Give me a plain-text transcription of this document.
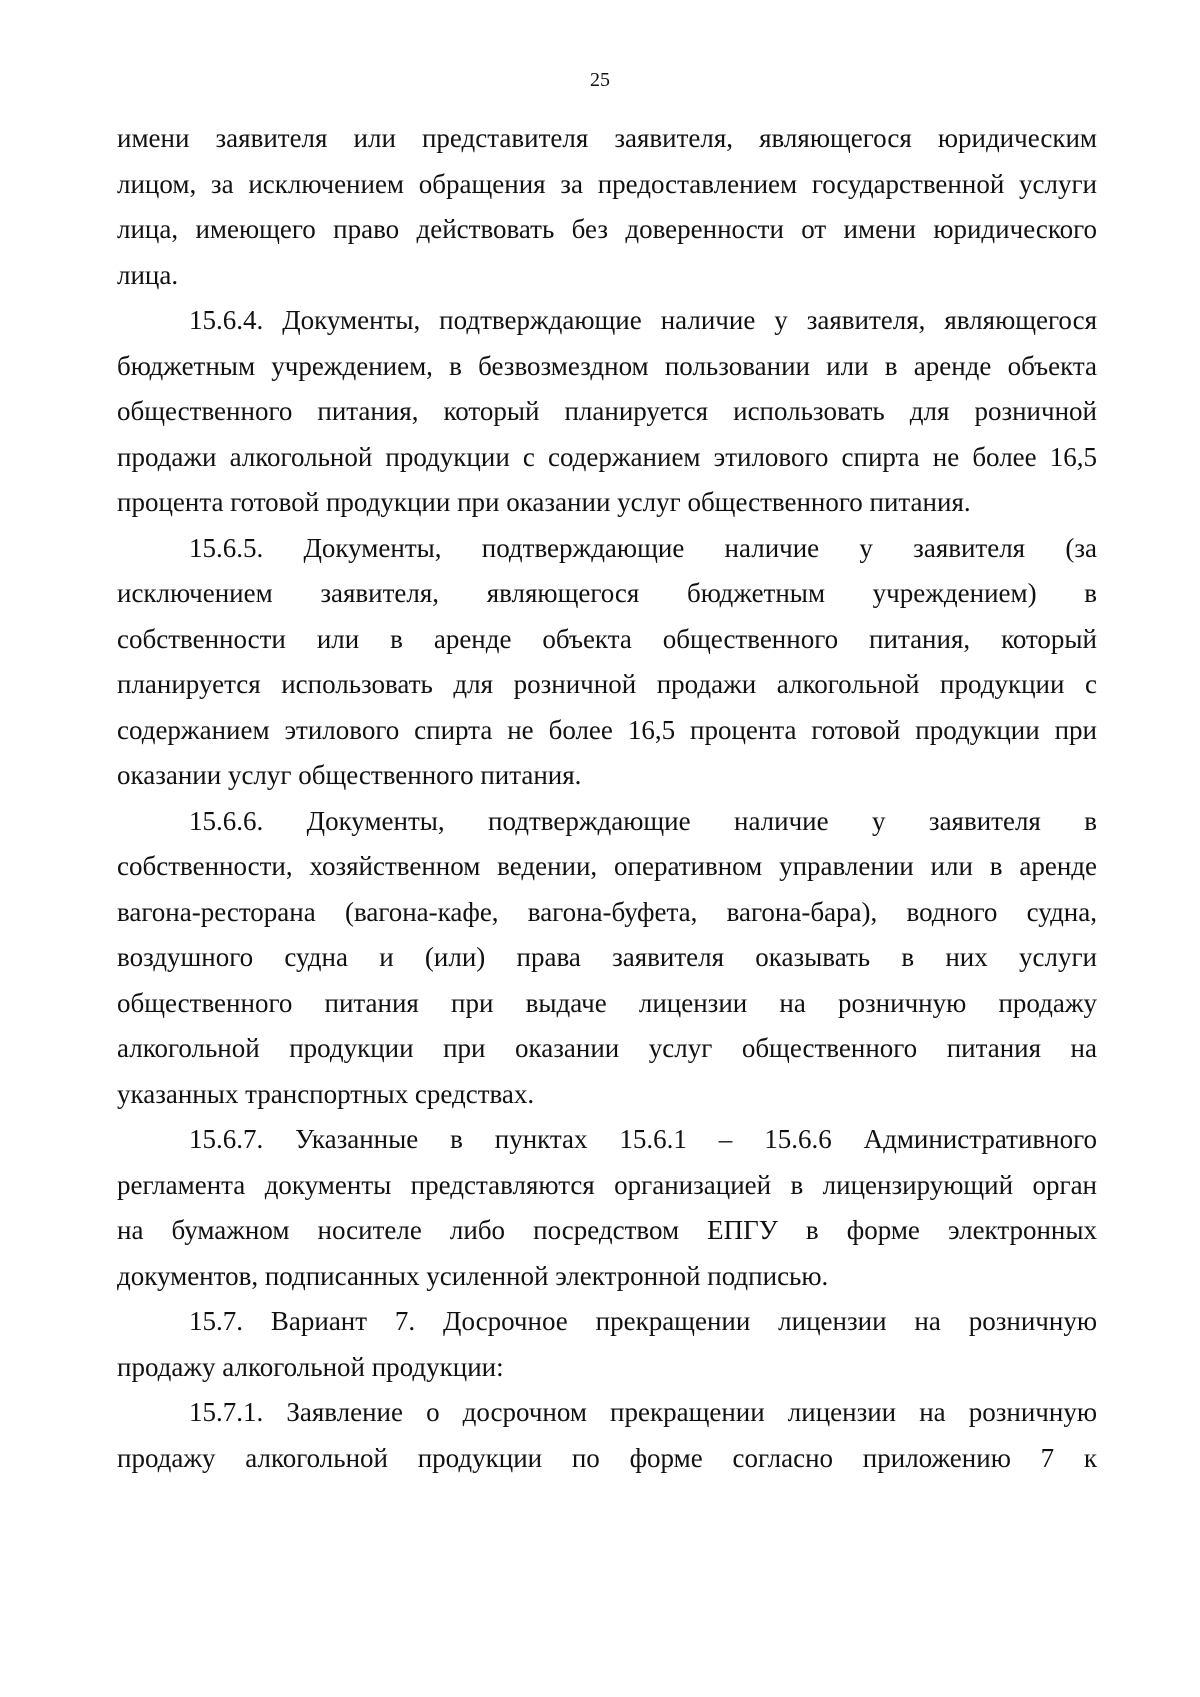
25

имени заявителя или представителя заявителя, являющегося юридическим
лицом, за исключением обращения за предоставлением государственной услуги
лица, имеющего право действовать без доверенности от имени юридического
лица.

15.6.4. Документы, подтверждающие наличие у заявителя, являющегося
бюджетным учреждением, в безвозмездном пользовании или в аренде объекта
общественного питания, который планируется использовать для розничной
продажи алкогольной продукции с содержанием этилового спирта не более 16,5
процента готовой продукции при оказании услуг общественного питания.

15.6.5. Документы, подтверждающие наличие у заявителя (за
исключением заявителя, являющегося бюджетным учреждением) в
собственности или в аренде объекта общественного питания, который
планируется использовать для розничной продажи алкогольной продукции с
содержанием этилового спирта не более 16,5 процента готовой продукции при
оказании услуг общественного питания.

15.6.6. Документы, подтверждающие наличие у заявителя в
собственности, хозяйственном ведении, оперативном управлении или в аренде
вагона-ресторана (вагона-кафе, вагона-буфета, вагона-бара), водного судна,
воздушного судна и (или) права заявителя оказывать в них услуги
общественного питания при выдаче лицензии на розничную продажу
алкогольной продукции при оказании услуг общественного питания на
указанных транспортных средствах.

15.6.7. Указанные в пунктах 15.6.1 – 15.6.6 Административного
регламента документы представляются организацией в лицензирующий орган
на бумажном носителе либо посредством ЕПГУ в форме электронных
документов, подписанных усиленной электронной подписью.

15.7. Вариант 7. Досрочное прекращении лицензии на розничную
продажу алкогольной продукции:

15.7.1. Заявление о досрочном прекращении лицензии на розничную
продажу алкогольной продукции по форме согласно приложению 7 к
